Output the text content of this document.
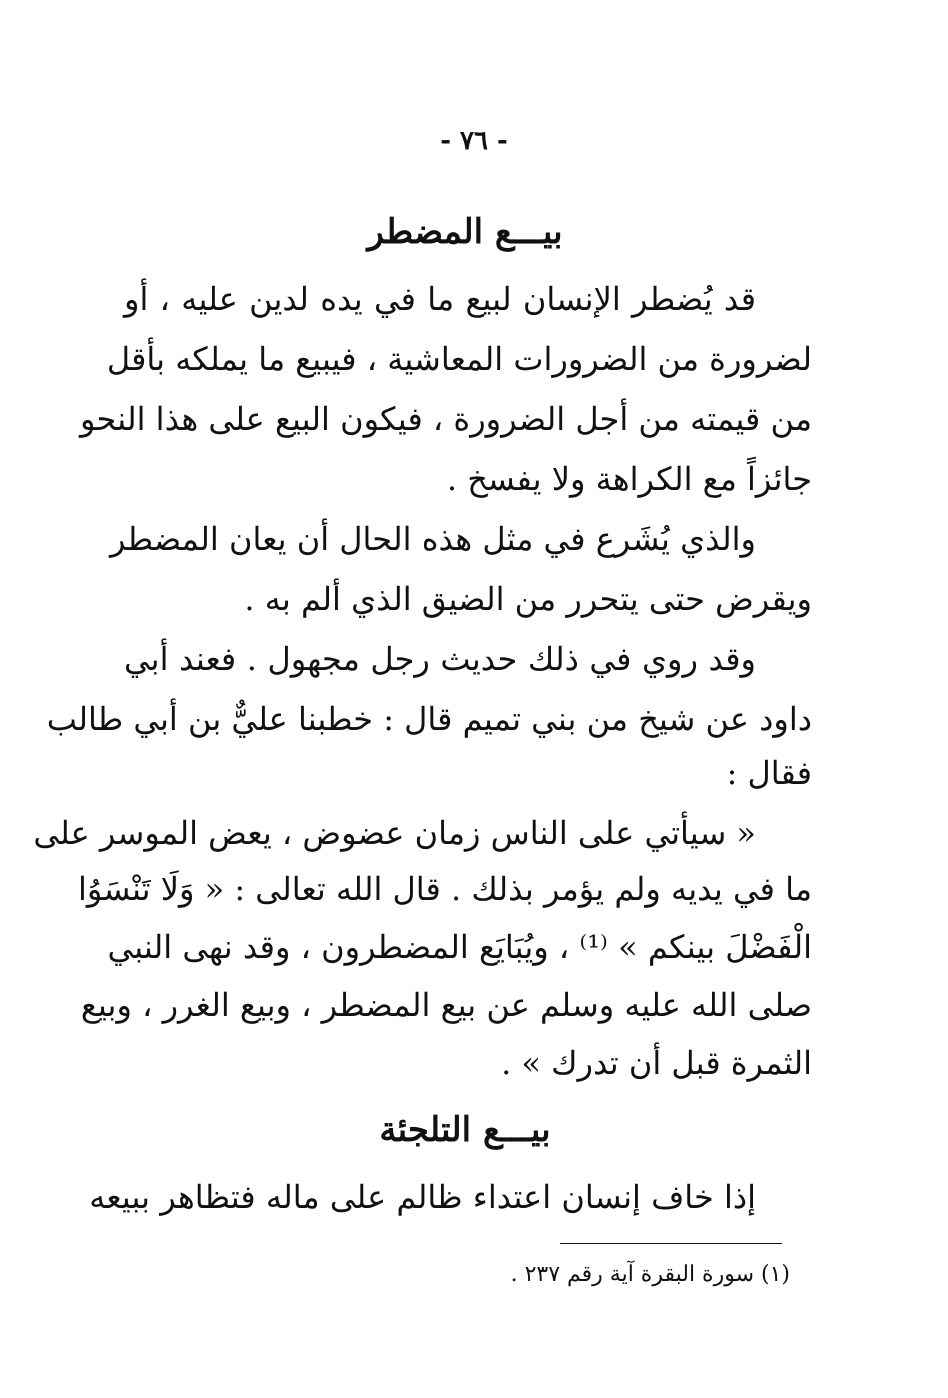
- ٧٦ -
بيـــع المضطر
قد يُضطر الإنسان لبيع ما في يده لدين عليه ، أو
لضرورة من الضرورات المعاشية ، فيبيع ما يملكه بأقل
من قيمته من أجل الضرورة ، فيكون البيع على هذا النحو
جائزاً مع الكراهة ولا يفسخ .
والذي يُشَرع في مثل هذه الحال أن يعان المضطر
ويقرض حتى يتحرر من الضيق الذي ألم به .
وقد روي في ذلك حديث رجل مجهول . فعند أبي
داود عن شيخ من بني تميم قال : خطبنا عليٌّ بن أبي طالب
فقال :
« سيأتي على الناس زمان عضوض ، يعض الموسر على
ما في يديه ولم يؤمر بذلك . قال الله تعالى : « وَلَا تَنْسَوُا
الْفَضْلَ بينكم » ⁽¹⁾ ، ويُبَايَع المضطرون ، وقد نهى النبي
صلى الله عليه وسلم عن بيع المضطر ، وبيع الغرر ، وبيع
الثمرة قبل أن تدرك » .
بيـــع التلجئة
إذا خاف إنسان اعتداء ظالم على ماله فتظاهر ببيعه
(١) سورة البقرة آية رقم ٢٣٧ .
